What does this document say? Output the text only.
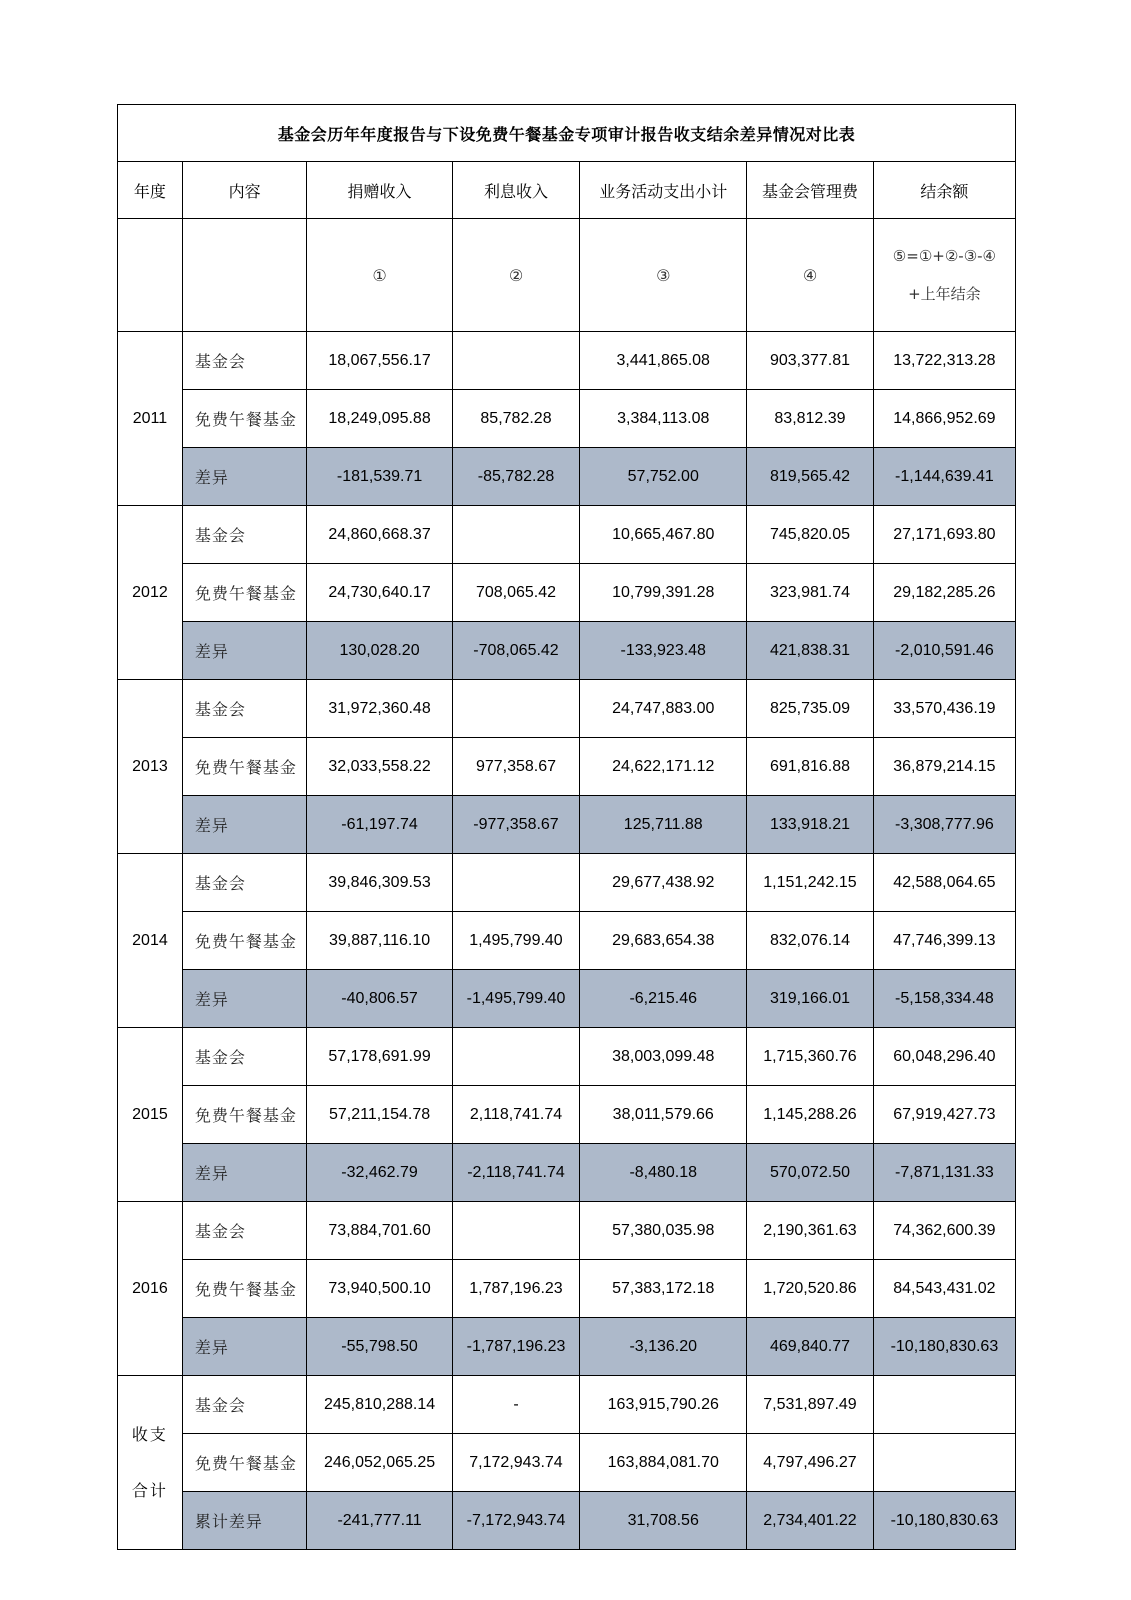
基金会历年年度报告与下设免费午餐基金专项审计报告收支结余差异情况对比表						
年度	内容	捐赠收入	利息收入	业务活动支出小计	基金会管理费	结余额
		①	②	③	④	⑤=①+②-③-④
+上年结余

2011	基金会	18,067,556.17		3,441,865.08	903,377.81	13,722,313.28
	免费午餐基金	18,249,095.88	85,782.28	3,384,113.08	83,812.39	14,866,952.69
	差异	-181,539.71	-85,782.28	57,752.00	819,565.42	-1,144,639.41
2012	基金会	24,860,668.37		10,665,467.80	745,820.05	27,171,693.80
	免费午餐基金	24,730,640.17	708,065.42	10,799,391.28	323,981.74	29,182,285.26
	差异	130,028.20	-708,065.42	-133,923.48	421,838.31	-2,010,591.46
2013	基金会	31,972,360.48		24,747,883.00	825,735.09	33,570,436.19
	免费午餐基金	32,033,558.22	977,358.67	24,622,171.12	691,816.88	36,879,214.15
	差异	-61,197.74	-977,358.67	125,711.88	133,918.21	-3,308,777.96
2014	基金会	39,846,309.53		29,677,438.92	1,151,242.15	42,588,064.65
	免费午餐基金	39,887,116.10	1,495,799.40	29,683,654.38	832,076.14	47,746,399.13
	差异	-40,806.57	-1,495,799.40	-6,215.46	319,166.01	-5,158,334.48
2015	基金会	57,178,691.99		38,003,099.48	1,715,360.76	60,048,296.40
	免费午餐基金	57,211,154.78	2,118,741.74	38,011,579.66	1,145,288.26	67,919,427.73
	差异	-32,462.79	-2,118,741.74	-8,480.18	570,072.50	-7,871,131.33
2016	基金会	73,884,701.60		57,380,035.98	2,190,361.63	74,362,600.39
	免费午餐基金	73,940,500.10	1,787,196.23	57,383,172.18	1,720,520.86	84,543,431.02
	差异	-55,798.50	-1,787,196.23	-3,136.20	469,840.77	-10,180,830.63

收支
合计	基金会	245,810,288.14	-	163,915,790.26	7,531,897.49	
	免费午餐基金	246,052,065.25	7,172,943.74	163,884,081.70	4,797,496.27	
	累计差异	-241,777.11	-7,172,943.74	31,708.56	2,734,401.22	-10,180,830.63
